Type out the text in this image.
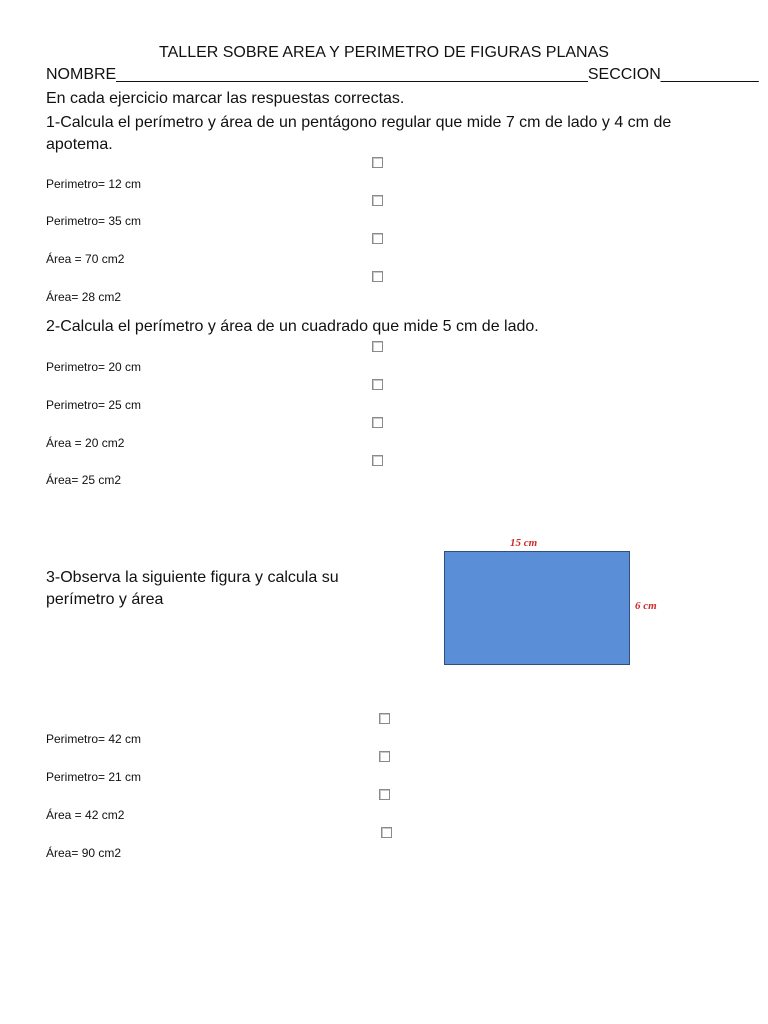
TALLER SOBRE AREA Y PERIMETRO DE FIGURAS PLANAS
NOMBRE_____________________________________________________SECCION___________
En cada ejercicio marcar las respuestas correctas.
1-Calcula el perímetro y área de un pentágono regular que mide 7 cm de lado y 4 cm de apotema.
Perimetro= 12 cm
Perimetro= 35 cm
Área = 70 cm2
Área= 28 cm2
2-Calcula el perímetro y área de un cuadrado que mide 5 cm de lado.
Perimetro= 20 cm
Perimetro= 25 cm
Área = 20 cm2
Área= 25 cm2
3-Observa la siguiente figura y calcula su
perímetro y área
15 cm
6 cm
Perimetro= 42 cm
Perimetro= 21 cm
Área = 42 cm2
Área= 90 cm2
